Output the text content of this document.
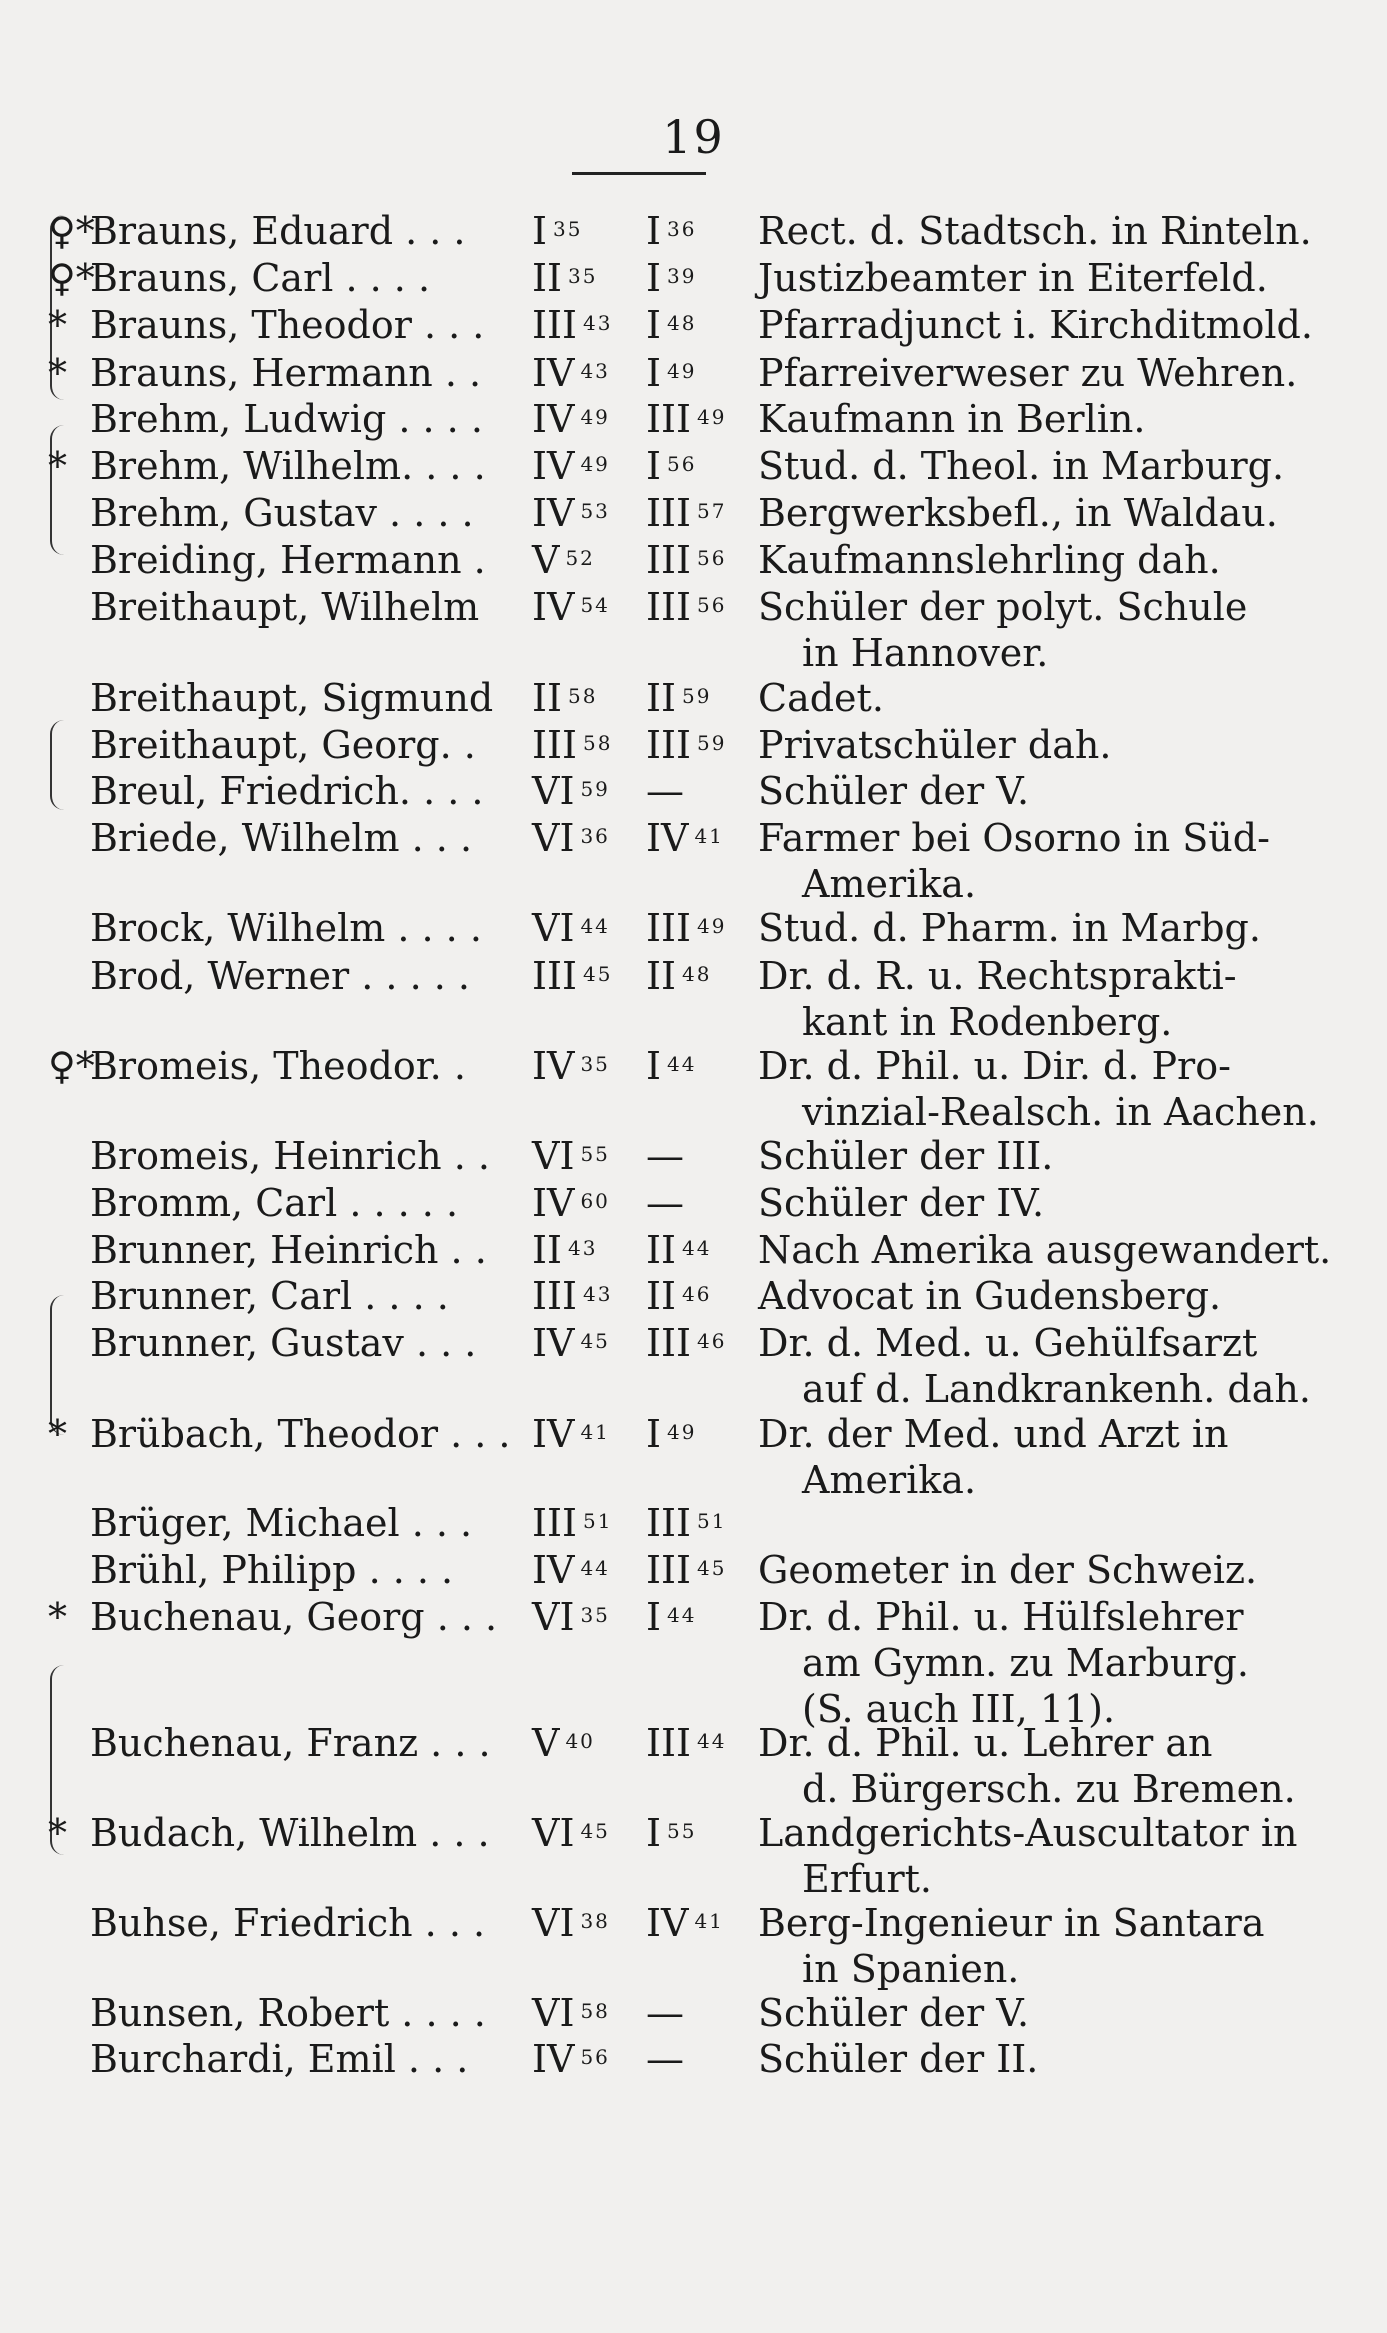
19
♀*
Brauns, Eduard . . .	I $^{35}$	I $^{36}$	Rect. d. Stadtsch. in Rinteln.
♀*
Brauns, Carl . . . .	II $^{35}$	I $^{39}$	Justizbeamter in Eiterfeld.
* Brauns, Theodor . . .	III $^{43}$ I $^{48}$	Pfarradjunct i. Kirchditmold.
* Brauns, Hermann . .	IV $^{43}$ I $^{49}$	Pfarreiverweser zu Wehren.
Brehm, Ludwig . . . .	IV $^{49}$ III $^{49}$ Kaufmann in Berlin.
* Brehm, Wilhelm. . . .	IV $^{49}$ I $^{56}$	Stud. d. Theol. in Marburg.
Brehm, Gustav . . . .	IV $^{53}$ III $^{57}$ Bergwerksbefl., in Waldau.
Breiding, Hermann .	V $^{52}$	III $^{56}$ Kaufmannslehrling dah.
Breithaupt, Wilhelm	IV $^{54}$ III $^{56}$ Schüler der polyt. Schule
in Hannover.
Breithaupt, Sigmund	II $^{58}$	II $^{59}$	Cadet.
Breithaupt, Georg. .	III $^{58}$ III $^{59}$ Privatschüler dah.
Breul, Friedrich. . . .	VI $^{59}$ —	Schüler der V.
Briede, Wilhelm . . .	VI $^{36}$ IV $^{41}$ Farmer bei Osorno in Süd-
Amerika.
Brock, Wilhelm . . . .	VI $^{44}$ III $^{49}$ Stud. d. Pharm. in Marbg.
Brod, Werner . . . . .	III $^{45}$ II $^{48}$	Dr. d. R. u. Rechtsprakti-
kant in Rodenberg.
♀*
Bromeis, Theodor. .	IV $^{35}$ I $^{44}$	Dr. d. Phil. u. Dir. d. Pro-
vinzial-Realsch. in Aachen.
Bromeis, Heinrich . .	VI $^{55}$ —	Schüler der III.
Bromm, Carl . . . . .	IV $^{60}$ —	Schüler der IV.
Brunner, Heinrich . .	II $^{43}$	II $^{44}$	Nach Amerika ausgewandert.
Brunner, Carl . . . .	III $^{43}$ II $^{46}$	Advocat in Gudensberg.
Brunner, Gustav . . .	IV $^{45}$ III $^{46}$ Dr. d. Med. u. Gehülfsarzt
auf d. Landkrankenh. dah.
* Brübach, Theodor . . . IV $^{41}$ I $^{49}$	Dr. der Med. und Arzt in
Amerika.
Brüger, Michael . . .	III $^{51}$ III $^{51}$
Brühl, Philipp . . . .	IV $^{44}$ III $^{45}$ Geometer in der Schweiz.
* Buchenau, Georg . . . VI $^{35}$ I $^{44}$	Dr. d. Phil. u. Hülfslehrer
am Gymn. zu Marburg.
(S. auch III, 11).
Buchenau, Franz . . .	V $^{40}$	III $^{44}$ Dr. d. Phil. u. Lehrer an
d. Bürgersch. zu Bremen.
* Budach, Wilhelm . . .	VI $^{45}$ I $^{55}$	Landgerichts-Auscultator in
Erfurt.
Buhse, Friedrich . . .	VI $^{38}$ IV $^{41}$ Berg-Ingenieur in Santara
in Spanien.
Bunsen, Robert . . . .	VI $^{58}$ —	Schüler der V.
Burchardi, Emil . . .	IV $^{56}$ —	Schüler der II.
